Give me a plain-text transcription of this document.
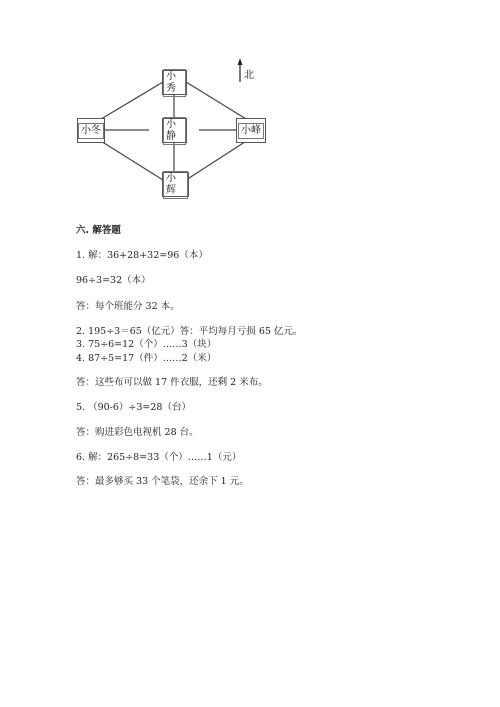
小秀
小冬
小静
小峰
小辉
北
六. 解答题
1. 解：36+28+32=96（本）
96÷3=32（本）
答：每个班能分 32 本。
2. 195÷3＝65（亿元）答：平均每月亏损 65 亿元。
3. 75÷6=12（个）……3（块）
4. 87÷5=17（件）……2（米）
答：这些布可以做 17 件衣服，还剩 2 米布。
5. （90-6）÷3=28（台）
答：购进彩色电视机 28 台。
6. 解：265÷8=33（个）……1（元）
答：最多够买 33 个笔袋，还余下 1 元。
